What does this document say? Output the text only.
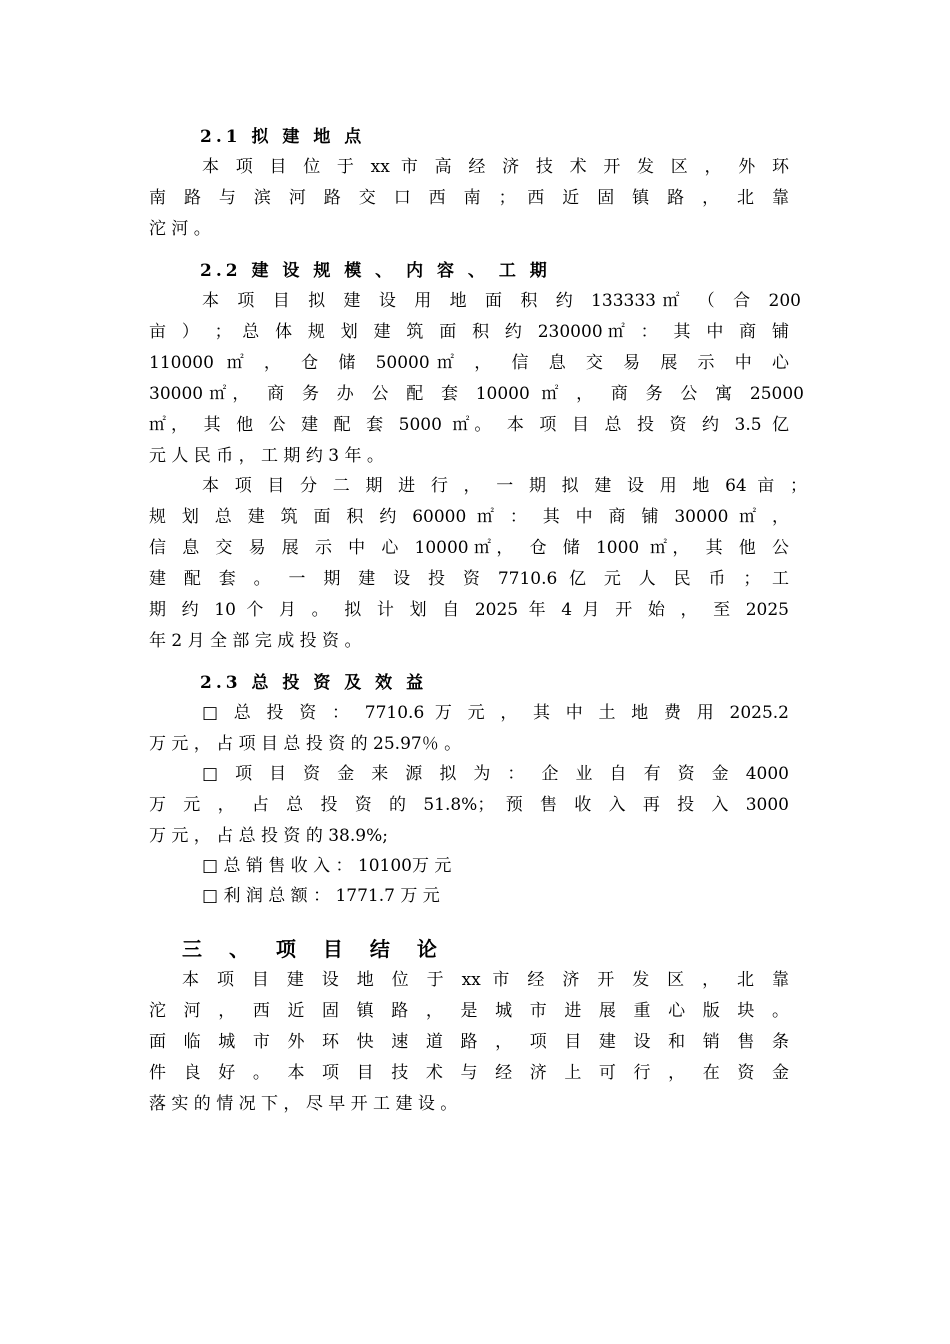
2.1 拟 建 地 点
本 项 目 位 于 xx 市 高 经 济 技 术 开 发 区 ， 外 环
南 路 与 滨 河 路 交 口 西 南 ； 西 近 固 镇 路 ， 北 靠
沱 河 。
2.2 建 设 规 模 、 内 容 、 工 期
本 项 目 拟 建 设 用 地 面 积 约 133333㎡ （ 合 200
亩 ） ； 总 体 规 划 建 筑 面 积 约 230000㎡ ： 其 中 商 铺
110000 ㎡ ， 仓 储 50000㎡ ， 信 息 交 易 展 示 中 心
30000㎡， 商 务 办 公 配 套 10000 ㎡ ， 商 务 公 寓 25000
㎡， 其 他 公 建 配 套 5000 ㎡。 本 项 目 总 投 资 约 3.5 亿
元 人 民 币 ， 工 期 约 3 年 。
本 项 目 分 二 期 进 行 ， 一 期 拟 建 设 用 地 64 亩 ；
规 划 总 建 筑 面 积 约 60000 ㎡ ： 其 中 商 铺 30000 ㎡ ，
信 息 交 易 展 示 中 心 10000㎡， 仓 储 1000 ㎡， 其 他 公
建 配 套 。 一 期 建 设 投 资 7710.6 亿 元 人 民 币 ； 工
期 约 10 个 月 。 拟 计 划 自 2025 年 4 月 开 始 ， 至 2025
年 2 月 全 部 完 成 投 资 。
2.3 总 投 资 及 效 益
□ 总 投 资 ： 7710.6 万 元 ， 其 中 土 地 费 用 2025.2
万 元 ， 占 项 目 总 投 资 的 25.97％ 。
□ 项 目 资 金 来 源 拟 为 ： 企 业 自 有 资 金 4000
万 元 ， 占 总 投 资 的 51.8%； 预 售 收 入 再 投 入 3000
万 元 ， 占 总 投 资 的 38.9%;
□ 总 销 售 收 入 ： 10100万 元
□ 利 润 总 额 ： 1771.7 万 元
三 、 项 目 结 论
本 项 目 建 设 地 位 于 xx 市 经 济 开 发 区 ， 北 靠
沱 河 ， 西 近 固 镇 路 ， 是 城 市 进 展 重 心 版 块 。
面 临 城 市 外 环 快 速 道 路 ， 项 目 建 设 和 销 售 条
件 良 好 。 本 项 目 技 术 与 经 济 上 可 行 ， 在 资 金
落 实 的 情 况 下 ， 尽 早 开 工 建 设 。
